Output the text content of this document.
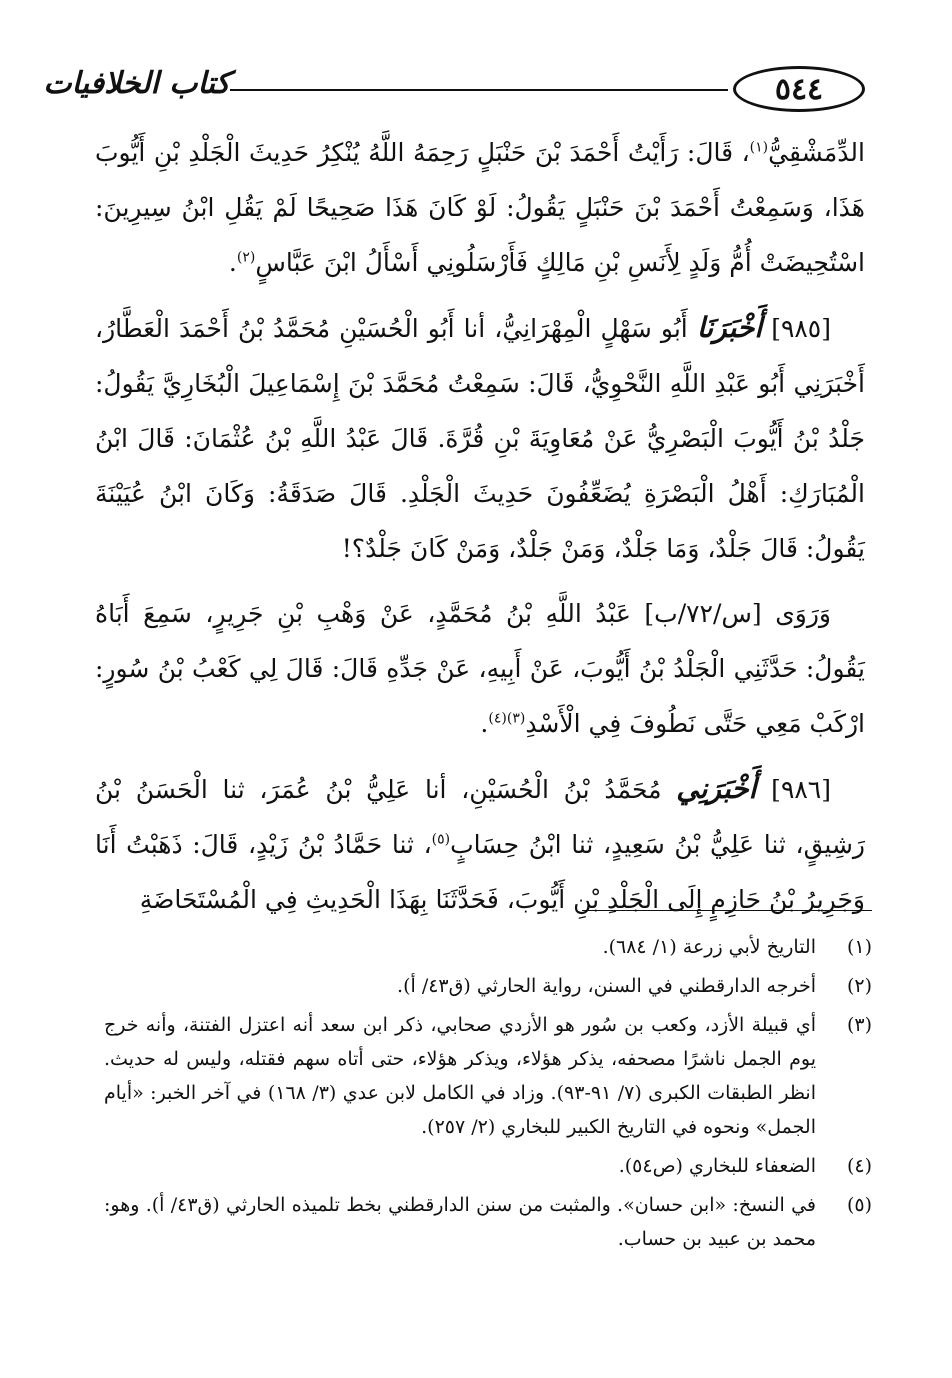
٥٤٤
كتاب الخلافيات

الدِّمَشْقِيُّ$^{(١)}$، قَالَ: رَأَيْتُ أَحْمَدَ بْنَ حَنْبَلٍ رَحِمَهُ اللَّهُ يُنْكِرُ حَدِيثَ الْجَلْدِ بْنِ أَيُّوبَ هَذَا، وَسَمِعْتُ أَحْمَدَ بْنَ حَنْبَلٍ يَقُولُ: لَوْ كَانَ هَذَا صَحِيحًا لَمْ يَقُلِ ابْنُ سِيرِينَ: اسْتُحِيضَتْ أُمُّ وَلَدٍ لِأَنَسِ بْنِ مَالِكٍ فَأَرْسَلُونِي أَسْأَلُ ابْنَ عَبَّاسٍ$^{(٢)}$.

[٩٨٥] أَخْبَرَنَا أَبُو سَهْلٍ الْمِهْرَانِيُّ، أنا أَبُو الْحُسَيْنِ مُحَمَّدُ بْنُ أَحْمَدَ الْعَطَّارُ، أَخْبَرَنِي أَبُو عَبْدِ اللَّهِ النَّحْوِيُّ، قَالَ: سَمِعْتُ مُحَمَّدَ بْنَ إِسْمَاعِيلَ الْبُخَارِيَّ يَقُولُ: جَلْدُ بْنُ أَيُّوبَ الْبَصْرِيُّ عَنْ مُعَاوِيَةَ بْنِ قُرَّةَ. قَالَ عَبْدُ اللَّهِ بْنُ عُثْمَانَ: قَالَ ابْنُ الْمُبَارَكِ: أَهْلُ الْبَصْرَةِ يُضَعِّفُونَ حَدِيثَ الْجَلْدِ. قَالَ صَدَقَةُ: وَكَانَ ابْنُ عُيَيْنَةَ يَقُولُ: قَالَ جَلْدٌ، وَمَا جَلْدٌ، وَمَنْ جَلْدٌ، وَمَنْ كَانَ جَلْدٌ؟!

وَرَوَى [س/٧٢/ب] عَبْدُ اللَّهِ بْنُ مُحَمَّدٍ، عَنْ وَهْبِ بْنِ جَرِيرٍ، سَمِعَ أَبَاهُ يَقُولُ: حَدَّثَنِي الْجَلْدُ بْنُ أَيُّوبَ، عَنْ أَبِيهِ، عَنْ جَدِّهِ قَالَ: قَالَ لِي كَعْبُ بْنُ سُورٍ: ارْكَبْ مَعِي حَتَّى نَطُوفَ فِي الْأَسْدِ$^{(٣)(٤)}$.

[٩٨٦] أَخْبَرَنِي مُحَمَّدُ بْنُ الْحُسَيْنِ، أنا عَلِيُّ بْنُ عُمَرَ، ثنا الْحَسَنُ بْنُ رَشِيقٍ، ثنا عَلِيُّ بْنُ سَعِيدٍ، ثنا ابْنُ حِسَابٍ$^{(٥)}$، ثنا حَمَّادُ بْنُ زَيْدٍ، قَالَ: ذَهَبْتُ أَنَا وَجَرِيرُ بْنُ حَازِمٍ إِلَى الْجَلْدِ بْنِ أَيُّوبَ، فَحَدَّثَنَا بِهَذَا الْحَدِيثِ فِي الْمُسْتَحَاضَةِ

(١)
التاريخ لأبي زرعة (١/ ٦٨٤).
(٢)
أخرجه الدارقطني في السنن، رواية الحارثي (ق٤٣/ أ).
(٣)
أي قبيلة الأزد، وكعب بن سُور هو الأزدي صحابي، ذكر ابن سعد أنه اعتزل الفتنة، وأنه خرج يوم الجمل ناشرًا مصحفه، يذكر هؤلاء، ويذكر هؤلاء، حتى أتاه سهم فقتله، وليس له حديث. انظر الطبقات الكبرى (٧/ ٩١-٩٣). وزاد في الكامل لابن عدي (٣/ ١٦٨) في آخر الخبر: «أيام الجمل» ونحوه في التاريخ الكبير للبخاري (٢/ ٢٥٧).
(٤)
الضعفاء للبخاري (ص٥٤).
(٥)
في النسخ: «ابن حسان». والمثبت من سنن الدارقطني بخط تلميذه الحارثي (ق٤٣/ أ). وهو: محمد بن عبيد بن حساب.
